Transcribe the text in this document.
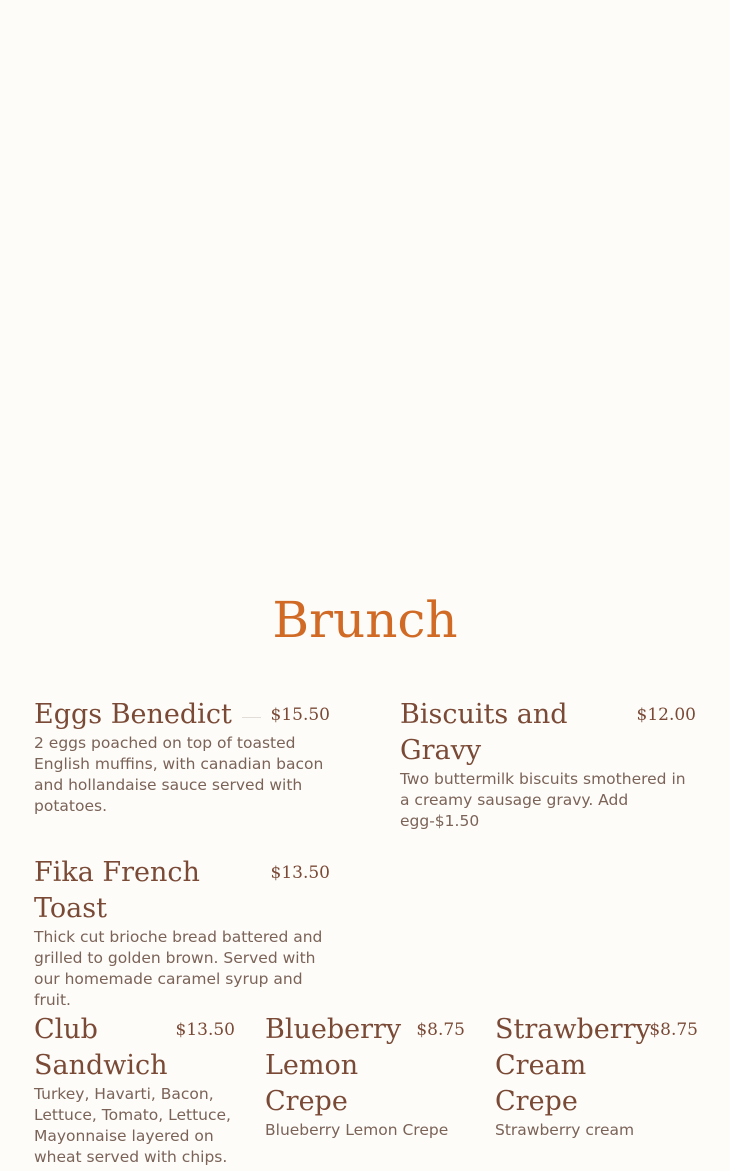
Brunch
Eggs Benedict $15.50

2 eggs poached on top of toasted English muffins, with canadian bacon and hollandaise sauce served with potatoes.

Biscuits and Gravy
$12.00

Two buttermilk biscuits smothered in a creamy sausage gravy. Add egg-$1.50

Fika French Toast
$13.50

Thick cut brioche bread battered and grilled to golden brown. Served with our homemade caramel syrup and fruit.

Club Sandwich
$13.50

Turkey, Havarti, Bacon, Lettuce, Tomato, Lettuce, Mayonnaise layered on wheat served with chips.

Blueberry Lemon Crepe
$8.75

Blueberry Lemon Crepe

Strawberry Cream Crepe
$8.75

Strawberry cream
